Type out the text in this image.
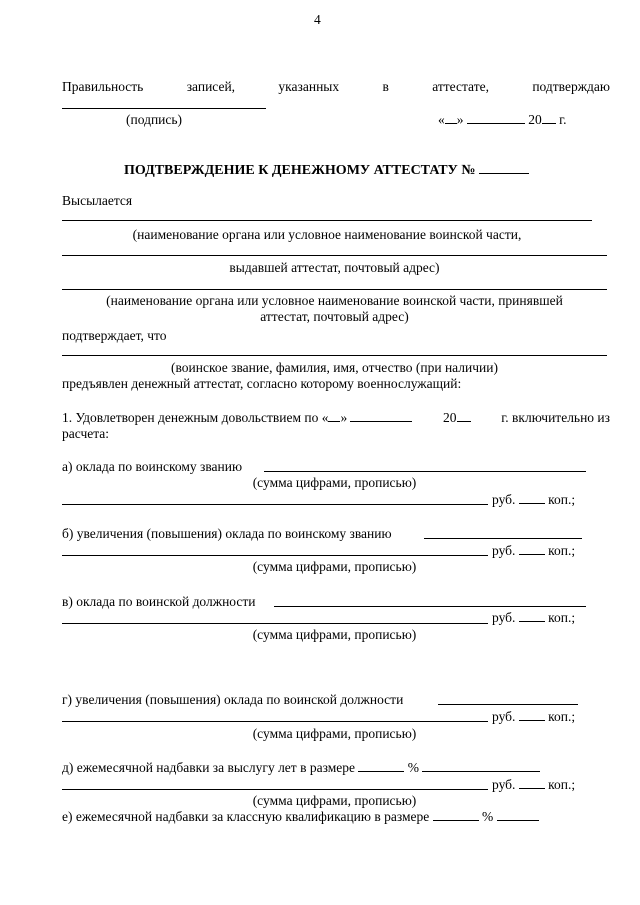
4
Правильность	записей,	указанных	в	аттестате,	подтверждаю
(подпись)	« »	20 г.
ПОДТВЕРЖДЕНИЕ К ДЕНЕЖНОМУ АТТЕСТАТУ №
Высылается
(наименование органа или условное наименование воинской части,
выдавшей аттестат, почтовый адрес)
(наименование органа или условное наименование воинской части, принявшей
аттестат, почтовый адрес)
подтверждает, что
(воинское звание, фамилия, имя, отчество (при наличии)
предъявлен денежный аттестат, согласно которому военнослужащий:
1. Удовлетворен денежным довольствием по « »	20	г. включительно из
расчета:
а) оклада по воинскому званию
(сумма цифрами, прописью)
руб. коп.;
б) увеличения (повышения) оклада по воинскому званию
руб. коп.;
(сумма цифрами, прописью)
в) оклада по воинской должности
руб. коп.;
(сумма цифрами, прописью)
г) увеличения (повышения) оклада по воинской должности
руб. коп.;
(сумма цифрами, прописью)
д) ежемесячной надбавки за выслугу лет в размере	%
руб. коп.;
(сумма цифрами, прописью)
е) ежемесячной надбавки за классную квалификацию в размере	%
